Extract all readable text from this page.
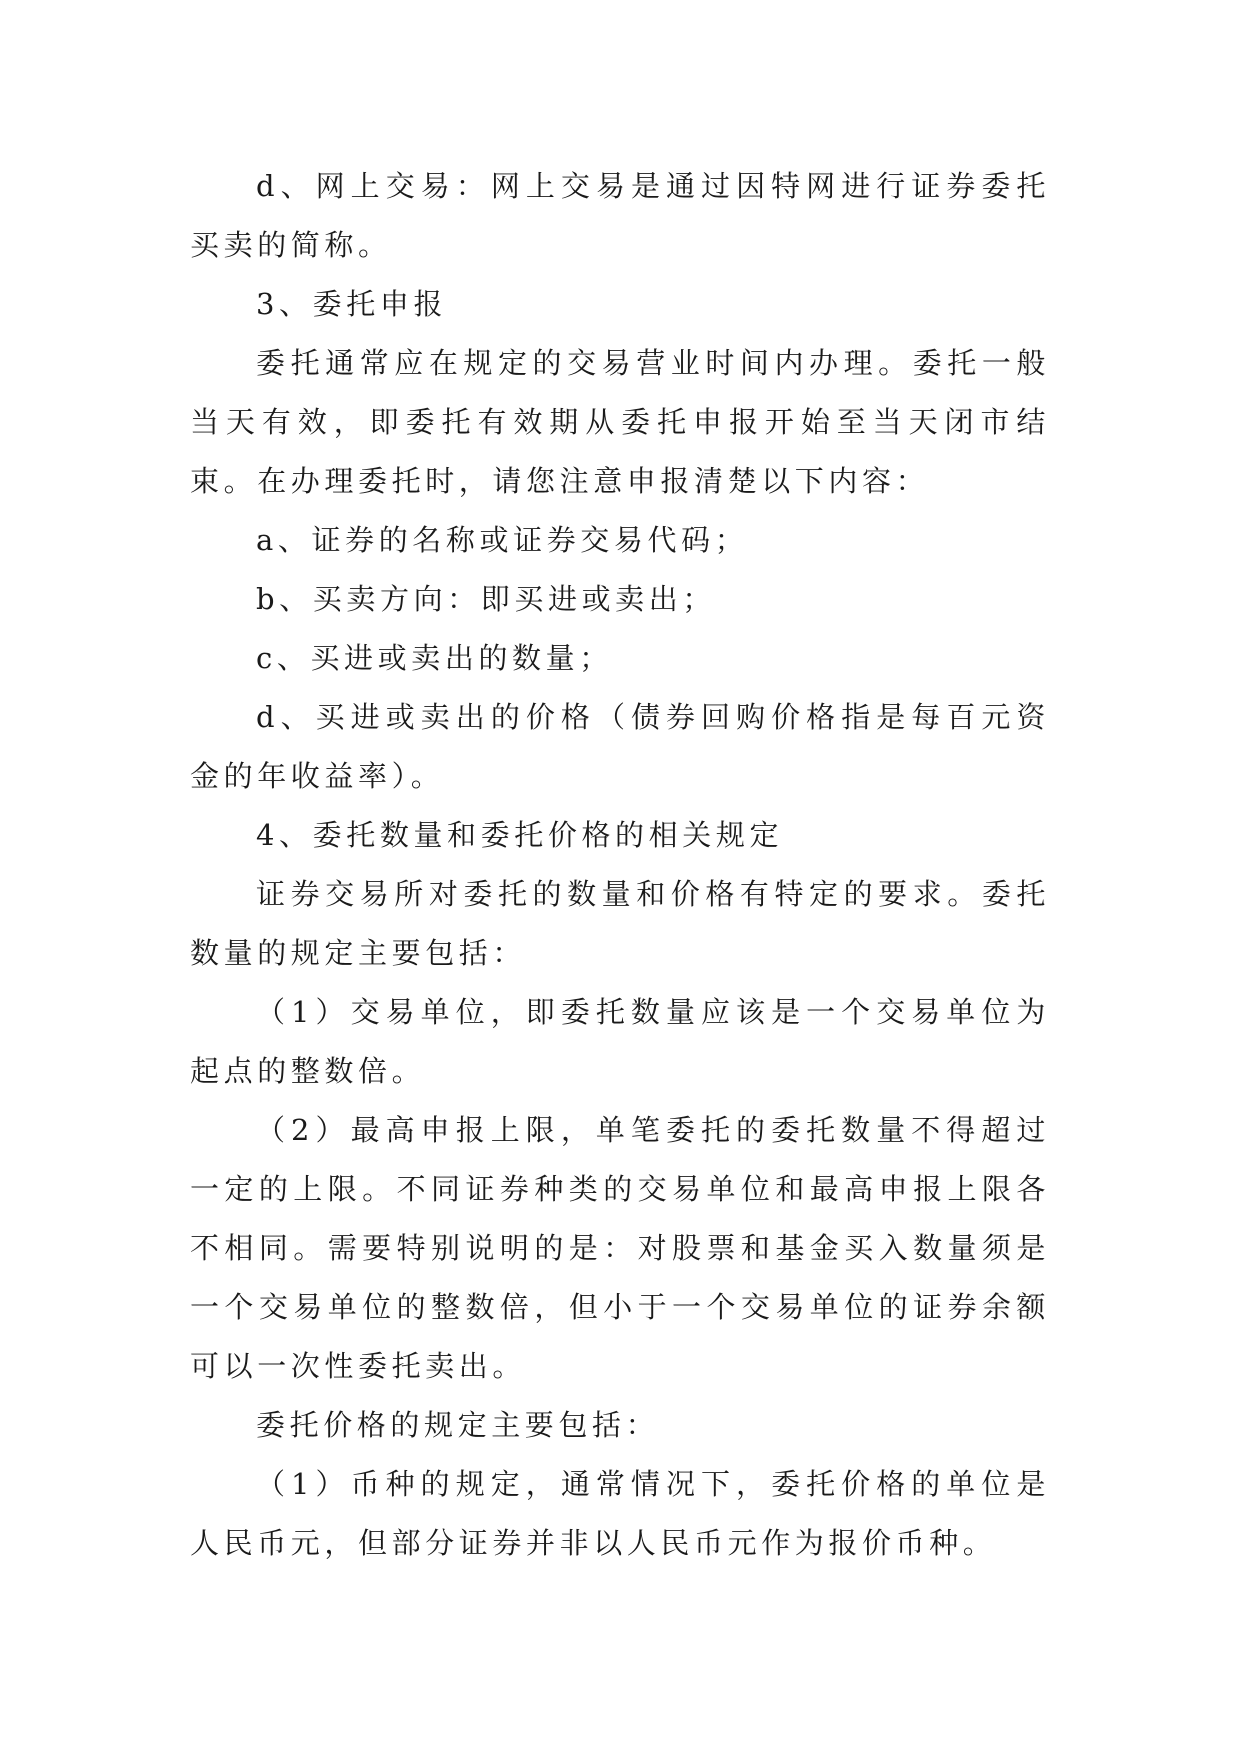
d、网上交易：网上交易是通过因特网进行证券委托买卖的简称。

3、委托申报

委托通常应在规定的交易营业时间内办理。委托一般当天有效，即委托有效期从委托申报开始至当天闭市结束。在办理委托时，请您注意申报清楚以下内容：

a、证券的名称或证券交易代码；

b、买卖方向：即买进或卖出；

c、买进或卖出的数量；

d、买进或卖出的价格（债券回购价格指是每百元资金的年收益率）。

4、委托数量和委托价格的相关规定

证券交易所对委托的数量和价格有特定的要求。委托数量的规定主要包括：

（1）交易单位，即委托数量应该是一个交易单位为起点的整数倍。

（2）最高申报上限，单笔委托的委托数量不得超过一定的上限。不同证券种类的交易单位和最高申报上限各不相同。需要特别说明的是：对股票和基金买入数量须是一个交易单位的整数倍，但小于一个交易单位的证券余额可以一次性委托卖出。

委托价格的规定主要包括：

（1）币种的规定，通常情况下，委托价格的单位是人民币元，但部分证券并非以人民币元作为报价币种。
